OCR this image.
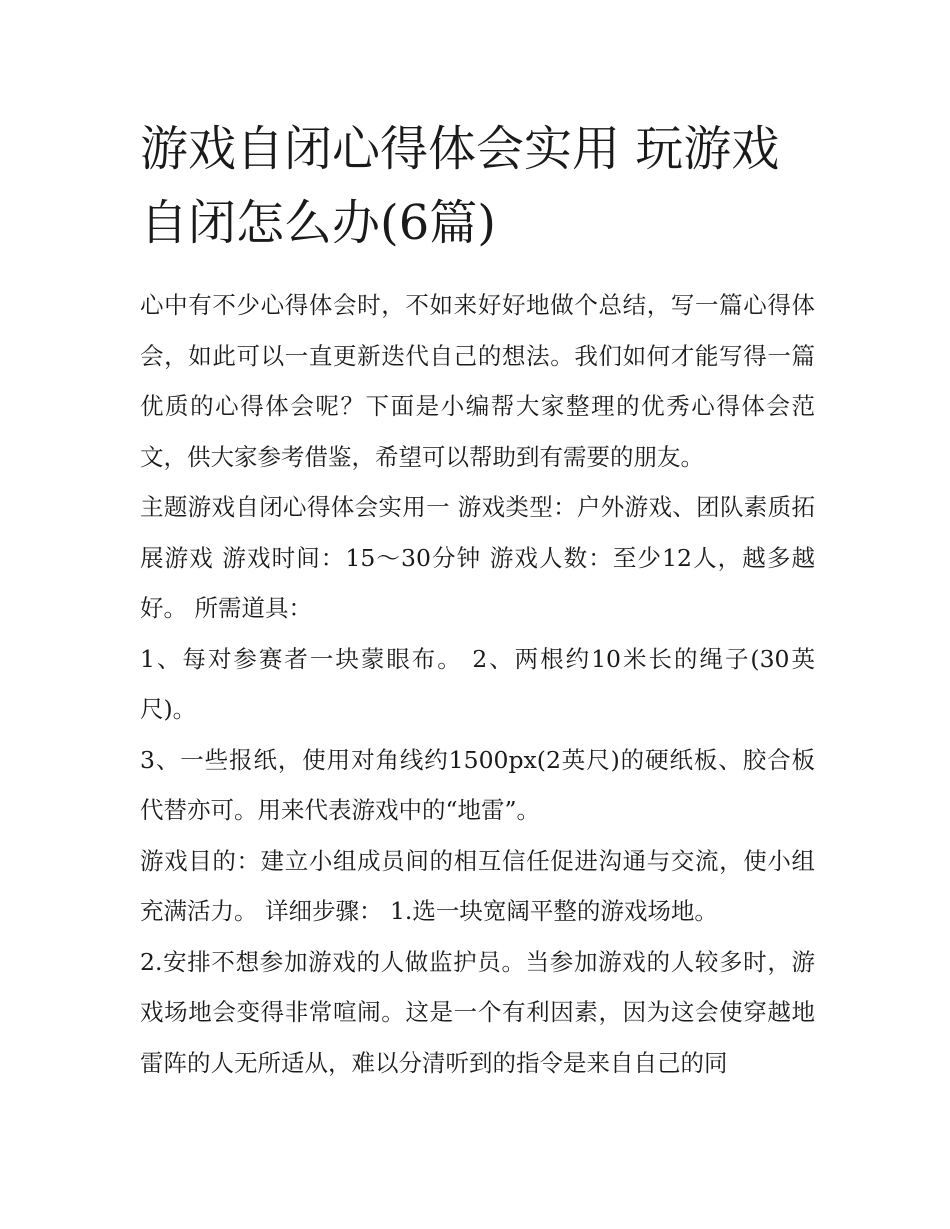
游戏自闭心得体会实用 玩游戏自闭怎么办(6篇)

心中有不少心得体会时，不如来好好地做个总结，写一篇心得体会，如此可以一直更新迭代自己的想法。我们如何才能写得一篇优质的心得体会呢？下面是小编帮大家整理的优秀心得体会范文，供大家参考借鉴，希望可以帮助到有需要的朋友。

主题游戏自闭心得体会实用一 游戏类型：户外游戏、团队素质拓展游戏 游戏时间：15～30分钟 游戏人数：至少12人，越多越好。 所需道具：

1、每对参赛者一块蒙眼布。 2、两根约10米长的绳子(30英尺)。

3、一些报纸，使用对角线约1500px(2英尺)的硬纸板、胶合板代替亦可。用来代表游戏中的“地雷”。

游戏目的：建立小组成员间的相互信任促进沟通与交流，使小组充满活力。 详细步骤： 1.选一块宽阔平整的游戏场地。

2.安排不想参加游戏的人做监护员。当参加游戏的人较多时，游戏场地会变得非常喧闹。这是一个有利因素，因为这会使穿越地雷阵的人无所适从，难以分清听到的指令是来自自己的同
